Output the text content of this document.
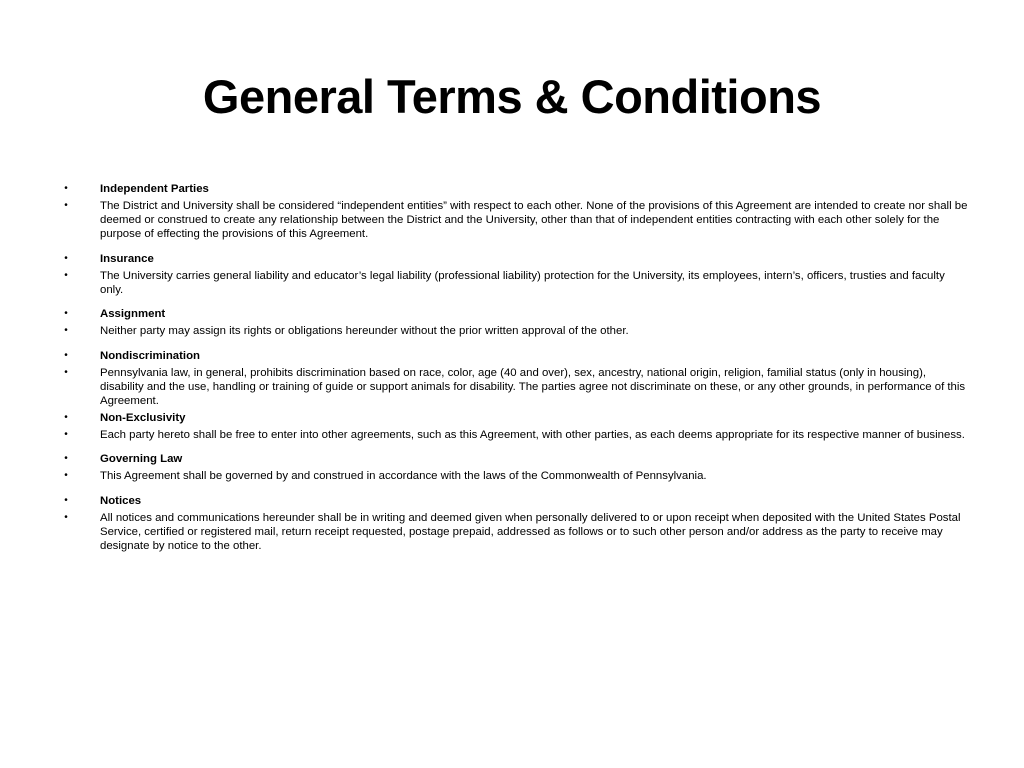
General Terms & Conditions
•	Independent Parties
•	The District and University shall be considered “independent entities” with respect to each other. None of the provisions of this Agreement are intended to create nor shall be deemed or construed to create any relationship between the District and the University, other than that of independent entities contracting with each other solely for the purpose of effecting the provisions of this Agreement.
•	Insurance
•	The University carries general liability and educator’s legal liability (professional liability) protection for the University, its employees, intern’s, officers, trusties and faculty only.
•	Assignment
•	Neither party may assign its rights or obligations hereunder without the prior written approval of the other.
•	Nondiscrimination
•	Pennsylvania law, in general, prohibits discrimination based on race, color, age (40 and over), sex, ancestry, national origin, religion, familial status (only in housing), disability and the use, handling or training of guide or support animals for disability. The parties agree not discriminate on these, or any other grounds, in performance of this Agreement.
•	Non-Exclusivity
•	Each party hereto shall be free to enter into other agreements, such as this Agreement, with other parties, as each deems appropriate for its respective manner of business.
•	Governing Law
•	This Agreement shall be governed by and construed in accordance with the laws of the Commonwealth of Pennsylvania.
•	Notices
•	All notices and communications hereunder shall be in writing and deemed given when personally delivered to or upon receipt when deposited with the United States Postal Service, certified or registered mail, return receipt requested, postage prepaid, addressed as follows or to such other person and/or address as the party to receive may designate by notice to the other.
